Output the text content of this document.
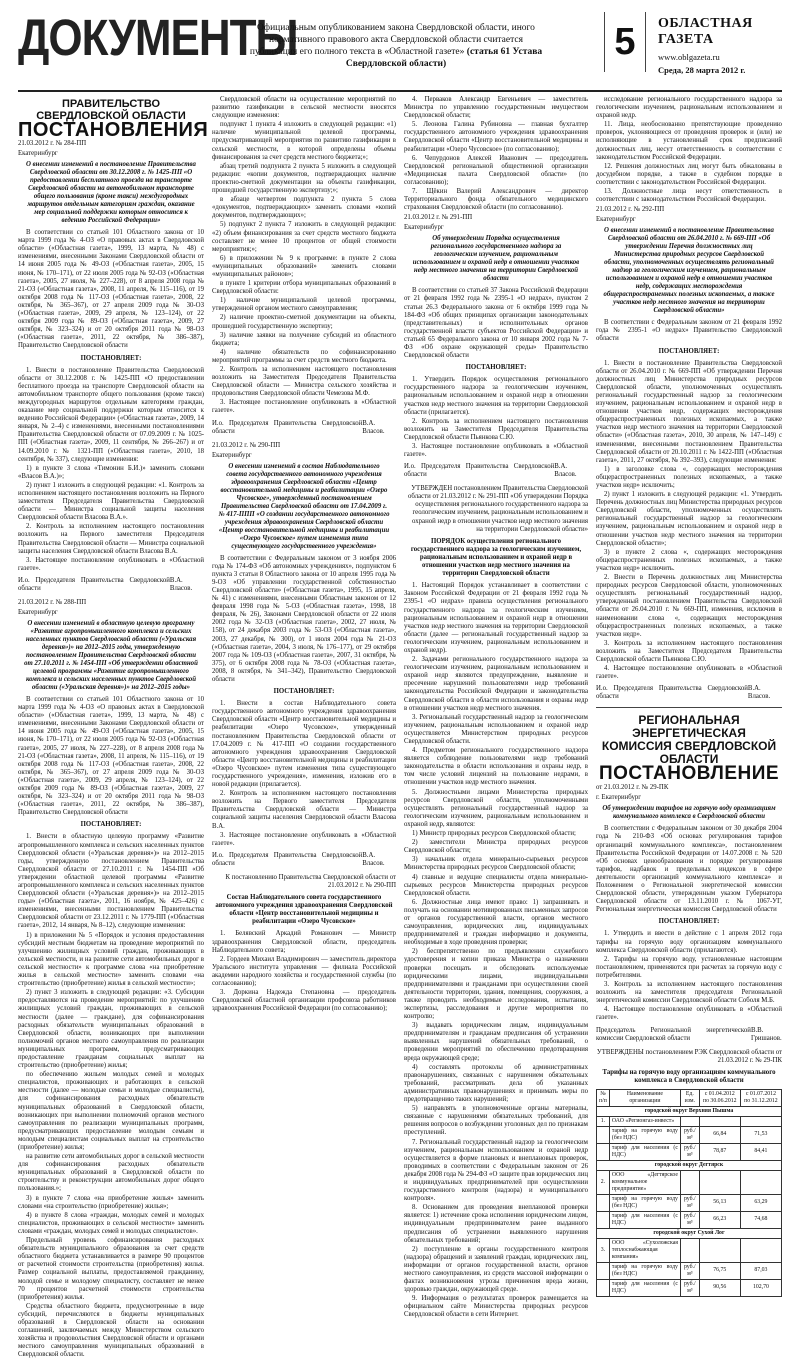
ДОКУМЕНТЫ
Официальным опубликованием закона Свердловской области, иного нормативного правового акта Свердловской области считается публикация его полного текста в «Областной газете» (статья 61 Устава Свердловской области)
5	ОБЛАСТНАЯ ГАЗЕТА
www.oblgazeta.ru
Среда, 28 марта 2012 г.
ПРАВИТЕЛЬСТВО СВЕРДЛОВСКОЙ ОБЛАСТИ
ПОСТАНОВЛЕНИЯ
21.03.2012 г. № 284-ПП
Екатеринбург
О внесении изменений в постановление Правительства Свердловской области от 30.12.2008 г. № 1425-ПП «О предоставлении бесплатного проезда на транспорте Свердловской области на автомобильном транспорте общего пользования (кроме такси) междугородных маршрутов отдельным категориям граждан, оказание мер социальной поддержки которым относится к ведению Российской Федерации»

В соответствии со статьей 101 Областного закона от 10 марта 1999 года № 4-ОЗ «О правовых актах в Свердловской области» («Областная газета», 1999, 13 марта, № 48) с изменениями, внесенными Законами Свердловской области от 14 июня 2005 года № 49-ОЗ («Областная газета», 2005, 15 июня, № 170–171), от 22 июля 2005 года № 92-ОЗ («Областная газета», 2005, 27 июля, № 227–228), от 8 апреля 2008 года № 21-ОЗ («Областная газета», 2008, 11 апреля, № 115–116), от 19 октября 2008 года № 117-ОЗ («Областная газета», 2008, 22 октября, № 365–367), от 27 апреля 2009 года № 30-ОЗ («Областная газета», 2009, 29 апреля, № 123–124), от 22 октября 2009 года № 89-ОЗ («Областная газета», 2009, 27 октября, № 323–324) и от 20 октября 2011 года № 98-ОЗ («Областная газета», 2011, 22 октября, № 386–387), Правительство Свердловской области

ПОСТАНОВЛЯЕТ:

1. Внести в постановление Правительства Свердловской области от 30.12.2008 г. № 1425-ПП «О предоставлении бесплатного проезда на транспорте Свердловской области на автомобильном транспорте общего пользования (кроме такси) междугородных маршрутов отдельным категориям граждан, оказание мер социальной поддержки которым относится к ведению Российской Федерации» («Областная газета», 2009, 14 января, № 2–4) с изменениями, внесенными постановлениями Правительства Свердловской области от 07.09.2009 г. № 1025-ПП («Областная газета», 2009, 11 сентября, № 266–267) и от 14.09.2010 г. № 1321-ПП («Областная газета», 2010, 18 сентября, № 337), следующие изменения:

1) в пункте 3 слова «Тимонин Б.И.)» заменить словами «Власов В.А.)»;

2) пункт 1 изложить в следующей редакции: «1. Контроль за исполнением настоящего постановления возложить на Первого заместителя Председателя Правительства Свердловской области — Министра социальной защиты населения Свердловской области Власова В.А.».

2. Контроль за исполнением настоящего постановления возложить на Первого заместителя Председателя Правительства Свердловской области — Министра социальной защиты населения Свердловской области Власова В.А.

3. Настоящее постановление опубликовать в «Областной газете».

И.о. Председателя Правительства Свердловской области
В.А. Власов.
21.03.2012 г. № 288-ПП
Екатеринбург
О внесении изменений в областную целевую программу «Развитие агропромышленного комплекса и сельских населенных пунктов Свердловской области («Уральская деревня»)» на 2012–2015 годы, утвержденную постановлением Правительства Свердловской области от 27.10.2011 г. № 1454-ПП «Об утверждении областной целевой программы «Развитие агропромышленного комплекса и сельских населенных пунктов Свердловской области («Уральская деревня»)» на 2012–2015 годы»

В соответствии со статьей 101 Областного закона от 10 марта 1999 года № 4-ОЗ «О правовых актах в Свердловской области» («Областная газета», 1999, 13 марта, № 48) с изменениями, внесенными Законами Свердловской области от 14 июня 2005 года № 49-ОЗ («Областная газета», 2005, 15 июня, № 170–171), от 22 июля 2005 года № 92-ОЗ («Областная газета», 2005, 27 июля, № 227–228), от 8 апреля 2008 года № 21-ОЗ («Областная газета», 2008, 11 апреля, № 115–116), от 19 октября 2008 года № 117-ОЗ («Областная газета», 2008, 22 октября, № 365–367), от 27 апреля 2009 года № 30-ОЗ («Областная газета», 2009, 29 апреля, № 123–124), от 22 октября 2009 года № 89-ОЗ («Областная газета», 2009, 27 октября, № 323–324) и от 20 октября 2011 года № 98-ОЗ («Областная газета», 2011, 22 октября, № 386–387), Правительство Свердловской области

ПОСТАНОВЛЯЕТ:

1. Внести в областную целевую программу «Развитие агропромышленного комплекса и сельских населенных пунктов Свердловской области («Уральская деревня»)» на 2012–2015 годы, утвержденную постановлением Правительства Свердловской области от 27.10.2011 г. № 1454-ПП «Об утверждении областной целевой программы «Развитие агропромышленного комплекса и сельских населенных пунктов Свердловской области («Уральская деревня»)» на 2012–2015 годы» («Областная газета», 2011, 16 ноября, № 425–426) с изменениями, внесенными постановлением Правительства Свердловской области от 23.12.2011 г. № 1779-ПП («Областная газета», 2012, 14 января, № 8–12), следующие изменения:

1) в приложении № 5 «Порядок и условия предоставления субсидий местным бюджетам на проведение мероприятий по улучшению жилищных условий граждан, проживающих в сельской местности, и на развитие сети автомобильных дорог в сельской местности» к программе слова «на приобретение жилья в сельской местности» заменить словами «на строительство (приобретение) жилья в сельской местности»;

2) пункт 3 изложить в следующей редакции: «3. Субсидии предоставляются на проведение мероприятий: по улучшению жилищных условий граждан, проживающих в сельской местности (далее — граждане), для софинансирования расходных обязательств муниципальных образований в Свердловской области, возникающих при выполнении полномочий органов местного самоуправления по реализации муниципальных программ, предусматривающих предоставление гражданам социальных выплат на строительство (приобретение) жилья;

по обеспечению жильем молодых семей и молодых специалистов, проживающих и работающих в сельской местности (далее — молодые семьи и молодые специалисты), для софинансирования расходных обязательств муниципальных образований в Свердловской области, возникающих при выполнении полномочий органов местного самоуправления по реализации муниципальных программ, предусматривающих предоставление молодым семьям и молодым специалистам социальных выплат на строительство (приобретение) жилья;

на развитие сети автомобильных дорог в сельской местности для софинансирования расходных обязательств муниципальных образований в Свердловской области по строительству и реконструкции автомобильных дорог общего пользования.»;

3) в пункте 7 слова «на приобретение жилья» заменить словами «на строительство (приобретение) жилья»;

4) в пункте 8 слова «граждан, молодых семей и молодых специалистов, проживающих в сельской местности» заменить словами «граждан, молодых семей и молодых специалистов».

Предельный уровень софинансирования расходных обязательств муниципального образования за счет средств областного бюджета устанавливается в размере 90 процентов от расчетной стоимости строительства (приобретения) жилья. Размер социальной выплаты, предоставляемой гражданину, молодой семье и молодому специалисту, составляет не менее 70 процентов расчетной стоимости строительства (приобретения) жилья.

Средства областного бюджета, предусмотренные в виде субсидий, перечисляются в бюджеты муниципальных образований в Свердловской области на основании соглашений, заключаемых между Министерством сельского хозяйства и продовольствия Свердловской области и органами местного самоуправления муниципальных образований в Свердловской области.

Свердловской области на осуществление мероприятий по развитию газификации в сельской местности вносятся следующие изменения:

подпункт 1 пункта 4 изложить в следующей редакции: «1) наличие муниципальной целевой программы, предусматривающей мероприятия по развитию газификации в сельской местности, в которой определены объемы финансирования за счет средств местного бюджета;»;

абзац третий подпункта 2 пункта 5 изложить в следующей редакции: «копии документов, подтверждающих наличие проектно-сметной документации на объекты газификации, прошедшей государственную экспертизу;»;

в абзаце четвертом подпункта 2 пункта 5 слова «документов, подтверждающих» заменить словами «копий документов, подтверждающих»;

5) подпункт 2 пункта 7 изложить в следующей редакции: «2) объем финансирования за счет средств местного бюджета составляет не менее 10 процентов от общей стоимости мероприятия;»;

6) в приложении № 9 к программе: в пункте 2 слова «муниципальных образований» заменить словами «муниципальных районов»;

в пункте 1 критерии отбора муниципальных образований в Свердловской области:

1) наличие муниципальной целевой программы, утвержденной органом местного самоуправления;

2) наличие проектно-сметной документации на объекты, прошедшей государственную экспертизу;

3) наличие заявки на получение субсидий из областного бюджета;

4) наличие обязательств по софинансированию мероприятий программы за счет средств местного бюджета.

2. Контроль за исполнением настоящего постановления возложить на Заместителя Председателя Правительства Свердловской области — Министра сельского хозяйства и продовольствия Свердловской области Чемезова М.Ф.

3. Настоящее постановление опубликовать в «Областной газете».

И.о. Председателя Правительства Свердловской области
В.А. Власов.
21.03.2012 г. № 290-ПП
Екатеринбург
О внесении изменений в состав Наблюдательного совета государственного автономного учреждения здравоохранения Свердловской области «Центр восстановительной медицины и реабилитации «Озеро Чусовское», утвержденный постановлением Правительства Свердловской области от 17.04.2009 г. № 417-ППП «О создании государственного автономного учреждения здравоохранения Свердловской области «Центр восстановительной медицины и реабилитации «Озеро Чусовское» путем изменения типа существующего государственного учреждения»

В соответствии с Федеральным законом от 3 ноября 2006 года № 174-ФЗ «Об автономных учреждениях», подпунктом 6 пункта 3 статьи 8 Областного закона от 10 апреля 1995 года № 9-ОЗ «Об управлении государственной собственностью Свердловской области» («Областная газета», 1995, 15 апреля, № 41) с изменениями, внесенными Областным законом от 12 февраля 1998 года № 5-ОЗ («Областная газета», 1998, 18 февраля, № 26), Законами Свердловской области от 22 июля 2002 года № 32-ОЗ («Областная газета», 2002, 27 июля, № 158), от 24 декабря 2003 года № 53-ОЗ («Областная газета», 2003, 27 декабря, № 300), от 1 июля 2004 года № 21-ОЗ («Областная газета», 2004, 3 июля, № 176–177), от 29 октября 2007 года № 109-ОЗ («Областная газета», 2007, 31 октября, № 375), от 6 октября 2008 года № 78-ОЗ («Областная газета», 2008, 8 октября, № 341–342), Правительство Свердловской области

ПОСТАНОВЛЯЕТ:

1. Внести в состав Наблюдательного совета государственного автономного учреждения здравоохранения Свердловской области «Центр восстановительной медицины и реабилитации «Озеро Чусовское», утвержденный постановлением Правительства Свердловской области от 17.04.2009 г. № 417-ПП «О создании государственного автономного учреждения здравоохранения Свердловской области «Центр восстановительной медицины и реабилитации «Озеро Чусовское» путем изменения типа существующего государственного учреждения», изменения, изложив его в новой редакции (прилагается).

2. Контроль за исполнением настоящего постановления возложить на Первого заместителя Председателя Правительства Свердловской области — Министра социальной защиты населения Свердловской области Власова В.А.

3. Настоящее постановление опубликовать в «Областной газете».

И.о. Председателя Правительства Свердловской области
В.А. Власов.
К постановлению Правительства Свердловской области от 21.03.2012 г. № 290-ПП
Состав Наблюдательного совета государственного автономного учреждения здравоохранения Свердловской области «Центр восстановительной медицины и реабилитации «Озеро Чусовское»

1. Белявский Аркадий Романович — Министр здравоохранения Свердловской области, председатель Наблюдательного совета;

2. Гордеев Михаил Владимирович — заместитель директора Уральского института управления — филиала Российской академии народного хозяйства и государственной службы (по согласованию);

3. Доркина Надежда Степановна — председатель Свердловской областной организации профсоюза работников здравоохранения Российской Федерации (по согласованию);

4. Перваков Александр Евгеньевич — заместитель Министра по управлению государственным имуществом Свердловской области;

5. Леонова Галина Рубиновна — главная бухгалтер государственного автономного учреждения здравоохранения Свердловской области «Центр восстановительной медицины и реабилитации «Озеро Чусовское» (по согласованию);

6. Чепурдонов Алексей Иванович — председатель Свердловской региональной общественной организации «Медицинская палата Свердловской области» (по согласованию);

7. Щёкин Валерий Александрович — директор Территориального фонда обязательного медицинского страхования Свердловской области (по согласованию).

21.03.2012 г. № 291-ПП
Екатеринбург
Об утверждении Порядка осуществления регионального государственного надзора за геологическим изучением, рациональным использованием и охраной недр в отношении участков недр местного значения на территории Свердловской области

В соответствии со статьей 37 Закона Российской Федерации от 21 февраля 1992 года № 2395-1 «О недрах», пунктом 2 статьи 26.3 Федерального закона от 6 октября 1999 года № 184-ФЗ «Об общих принципах организации законодательных (представительных) и исполнительных органов государственной власти субъектов Российской Федерации» и статьей 65 Федерального закона от 10 января 2002 года № 7-ФЗ «Об охране окружающей среды» Правительство Свердловской области

ПОСТАНОВЛЯЕТ:

1. Утвердить Порядок осуществления регионального государственного надзора за геологическим изучением, рациональным использованием и охраной недр в отношении участков недр местного значения на территории Свердловской области (прилагается).

2. Контроль за исполнением настоящего постановления возложить на Заместителя Председателя Правительства Свердловской области Пьянкова С.Ю.

3. Настоящее постановление опубликовать в «Областной газете».

И.о. Председателя Правительства Свердловской области
В.А. Власов.
УТВЕРЖДЕН постановлением Правительства Свердловской области от 21.03.2012 г. № 291-ПП «Об утверждении Порядка осуществления регионального государственного надзора за геологическим изучением, рациональным использованием и охраной недр в отношении участков недр местного значения на территории Свердловской области»
ПОРЯДОК осуществления регионального государственного надзора за геологическим изучением, рациональным использованием и охраной недр в отношении участков недр местного значения на территории Свердловской области

1. Настоящий Порядок устанавливает в соответствии с Законом Российской Федерации от 21 февраля 1992 года № 2395-1 «О недрах» правила осуществления регионального государственного надзора за геологическим изучением, рациональным использованием и охраной недр в отношении участков недр местного значения на территории Свердловской области (далее — региональный государственный надзор за геологическим изучением, рациональным использованием и охраной недр).

2. Задачами регионального государственного надзора за геологическим изучением, рациональным использованием и охраной недр являются предупреждение, выявление и пресечение нарушений пользователями недр требований законодательства Российской Федерации и законодательства Свердловской области в области использования и охраны недр в отношении участков недр местного значения.

3. Региональный государственный надзор за геологическим изучением, рациональным использованием и охраной недр осуществляется Министерством природных ресурсов Свердловской области.

4. Предметом регионального государственного надзора является соблюдение пользователями недр требований законодательства в области использования и охраны недр, в том числе условий лицензий на пользование недрами, в отношении участков недр местного значения.

5. Должностными лицами Министерства природных ресурсов Свердловской области, уполномоченными осуществлять региональный государственный надзор за геологическим изучением, рациональным использованием и охраной недр, являются:

1) Министр природных ресурсов Свердловской области;

2) заместители Министра природных ресурсов Свердловской области;

3) начальник отдела минерально-сырьевых ресурсов Министерства природных ресурсов Свердловской области;

4) главные и ведущие специалисты отдела минерально-сырьевых ресурсов Министерства природных ресурсов Свердловской области.

6. Должностные лица имеют право: 1) запрашивать и получать на основании мотивированных письменных запросов от органов государственной власти, органов местного самоуправления, юридических лиц, индивидуальных предпринимателей и граждан информацию и документы, необходимые в ходе проведения проверки;

2) беспрепятственно по предъявлении служебного удостоверения и копии приказа Министра о назначении проверки посещать и обследовать используемые юридическими лицами, индивидуальными предпринимателями и гражданами при осуществлении своей деятельности территории, здания, помещения, сооружения, а также проводить необходимые исследования, испытания, экспертизы, расследования и другие мероприятия по контролю;

3) выдавать юридическим лицам, индивидуальным предпринимателям и гражданам предписания об устранении выявленных нарушений обязательных требований, о проведении мероприятий по обеспечению предотвращения вреда окружающей среде;

4) составлять протоколы об административных правонарушениях, связанных с нарушением обязательных требований, рассматривать дела об указанных административных правонарушениях и принимать меры по предотвращению таких нарушений;

5) направлять в уполномоченные органы материалы, связанные с нарушениями обязательных требований, для решения вопросов о возбуждении уголовных дел по признакам преступлений.

7. Региональный государственный надзор за геологическим изучением, рациональным использованием и охраной недр осуществляется в форме плановых и внеплановых проверок, проводимых в соответствии с Федеральным законом от 26 декабря 2008 года № 294-ФЗ «О защите прав юридических лиц и индивидуальных предпринимателей при осуществлении государственного контроля (надзора) и муниципального контроля».

8. Основанием для проведения внеплановой проверки является: 1) истечение срока исполнения юридическим лицом, индивидуальным предпринимателем ранее выданного предписания об устранении выявленного нарушения обязательных требований;

2) поступление в органы государственного контроля (надзора) обращений и заявлений граждан, юридических лиц, информации от органов государственной власти, органов местного самоуправления, из средств массовой информации о фактах возникновения угрозы причинения вреда жизни, здоровью граждан, окружающей среде.

9. Информация о результатах проверок размещается на официальном сайте Министерства природных ресурсов Свердловской области в сети Интернет.

исследование регионального государственного надзора за геологическим изучением, рациональным использованием и охраной недр.

11. Лица, необоснованно препятствующие проведению проверок, уклоняющиеся от проведения проверок и (или) не исполняющие в установленный срок предписаний должностных лиц, несут ответственность в соответствии с законодательством Российской Федерации.

12. Решения должностных лиц могут быть обжалованы в досудебном порядке, а также в судебном порядке в соответствии с законодательством Российской Федерации.

13. Должностные лица несут ответственность в соответствии с законодательством Российской Федерации.

21.03.2012 г. № 292-ПП
Екатеринбург
О внесении изменений в постановление Правительства Свердловской области от 26.04.2010 г. № 669-ПП «Об утверждении Перечня должностных лиц Министерства природных ресурсов Свердловской области, уполномоченных осуществлять региональный надзор за геологическим изучением, рациональным использованием и охраной недр в отношении участков недр, содержащих месторождения общераспространенных полезных ископаемых, а также участков недр местного значения на территории Свердловской области»

В соответствии с Федеральным законом от 21 февраля 1992 года № 2395-1 «О недрах» Правительство Свердловской области

ПОСТАНОВЛЯЕТ:

1. Внести в постановление Правительства Свердловской области от 26.04.2010 г. № 669-ПП «Об утверждении Перечня должностных лиц Министерства природных ресурсов Свердловской области, уполномоченных осуществлять региональный государственный надзор за геологическим изучением, рациональным использованием и охраной недр в отношении участков недр, содержащих месторождения общераспространенных полезных ископаемых, а также участков недр местного значения на территории Свердловской области» («Областная газета», 2010, 30 апреля, № 147–149) с изменениями, внесенными постановлением Правительства Свердловской области от 20.10.2011 г. № 1422-ПП («Областная газета», 2011, 27 октября, № 392–393), следующие изменения:

1) в заголовке слова «, содержащих месторождения общераспространенных полезных ископаемых, а также участков недр» исключить;

2) пункт 1 изложить в следующей редакции: «1. Утвердить Перечень должностных лиц Министерства природных ресурсов Свердловской области, уполномоченных осуществлять региональный государственный надзор за геологическим изучением, рациональным использованием и охраной недр в отношении участков недр местного значения на территории Свердловской области»;

3) в пункте 2 слова «, содержащих месторождения общераспространенных полезных ископаемых, а также участков недр» исключить.

2. Внести в Перечень должностных лиц Министерства природных ресурсов Свердловской области, уполномоченных осуществлять региональный государственный надзор, утвержденный постановлением Правительства Свердловской области от 26.04.2010 г. № 669-ПП, изменения, исключив в наименовании слова «, содержащих месторождения общераспространенных полезных ископаемых, а также участков недр».

3. Контроль за исполнением настоящего постановления возложить на Заместителя Председателя Правительства Свердловской области Пьянкова С.Ю.

4. Настоящее постановление опубликовать в «Областной газете».

И.о. Председателя Правительства Свердловской области
В.А. Власов.
РЕГИОНАЛЬНАЯ ЭНЕРГЕТИЧЕСКАЯ КОМИССИЯ СВЕРДЛОВСКОЙ ОБЛАСТИ
ПОСТАНОВЛЕНИЕ
от 21.03.2012 г. № 29-ПК
г. Екатеринбург
Об утверждении тарифов на горячую воду организациям коммунального комплекса в Свердловской области

В соответствии с Федеральным законом от 30 декабря 2004 года № 210-ФЗ «Об основах регулирования тарифов организаций коммунального комплекса», постановлением Правительства Российской Федерации от 14.07.2008 г. № 520 «Об основах ценообразования и порядке регулирования тарифов, надбавок и предельных индексов в сфере деятельности организаций коммунального комплекса» и Положением о Региональной энергетической комиссии Свердловской области, утвержденным указом Губернатора Свердловской области от 13.11.2010 г. № 1067-УГ, Региональная энергетическая комиссия Свердловской области

ПОСТАНОВЛЯЕТ:

1. Утвердить и ввести в действие с 1 апреля 2012 года тарифы на горячую воду организациям коммунального комплекса Свердловской области (прилагаются).

2. Тарифы на горячую воду, установленные настоящим постановлением, применяются при расчетах за горячую воду с потребителями.

3. Контроль за исполнением настоящего постановления возложить на заместителя председателя Региональной энергетической комиссии Свердловской области Соболя М.Б.

4. Настоящее постановление опубликовать в «Областной газете».

Председатель Региональной энергетической комиссии Свердловской области
В.В. Гришанов.
УТВЕРЖДЕНЫ постановлением РЭК Свердловской области от 21.03.2012 г. № 29-ПК
Тарифы на горячую воду организациям коммунального комплекса в Свердловской области
№ п/п	Наименование организации	Ед. изм.	с 01.04.2012 по 30.06.2012	с 01.07.2012 по 31.12.2012
городской округ Верхняя Пышма				
1.	ОАО «Регионгаз-инвест»			
	тариф на горячую воду (без НДС)	руб./м³	66,84	71,53
	тариф для населения (с НДС)	руб./м³	78,87	84,41
городской округ Дегтярск				
2.	ООО «Дегтярское коммунальное предприятие»			
	тариф на горячую воду (без НДС)	руб./м³	56,13	63,29
	тариф для населения (с НДС)	руб./м³	66,23	74,68
городской округ Сухой Лог				
3.	ООО «Сухоложская теплоснабжающая компания»			
	тариф на горячую воду (без НДС)	руб./м³	76,75	87,03
	тариф для населения (с НДС)	руб./м³	90,56	102,70
